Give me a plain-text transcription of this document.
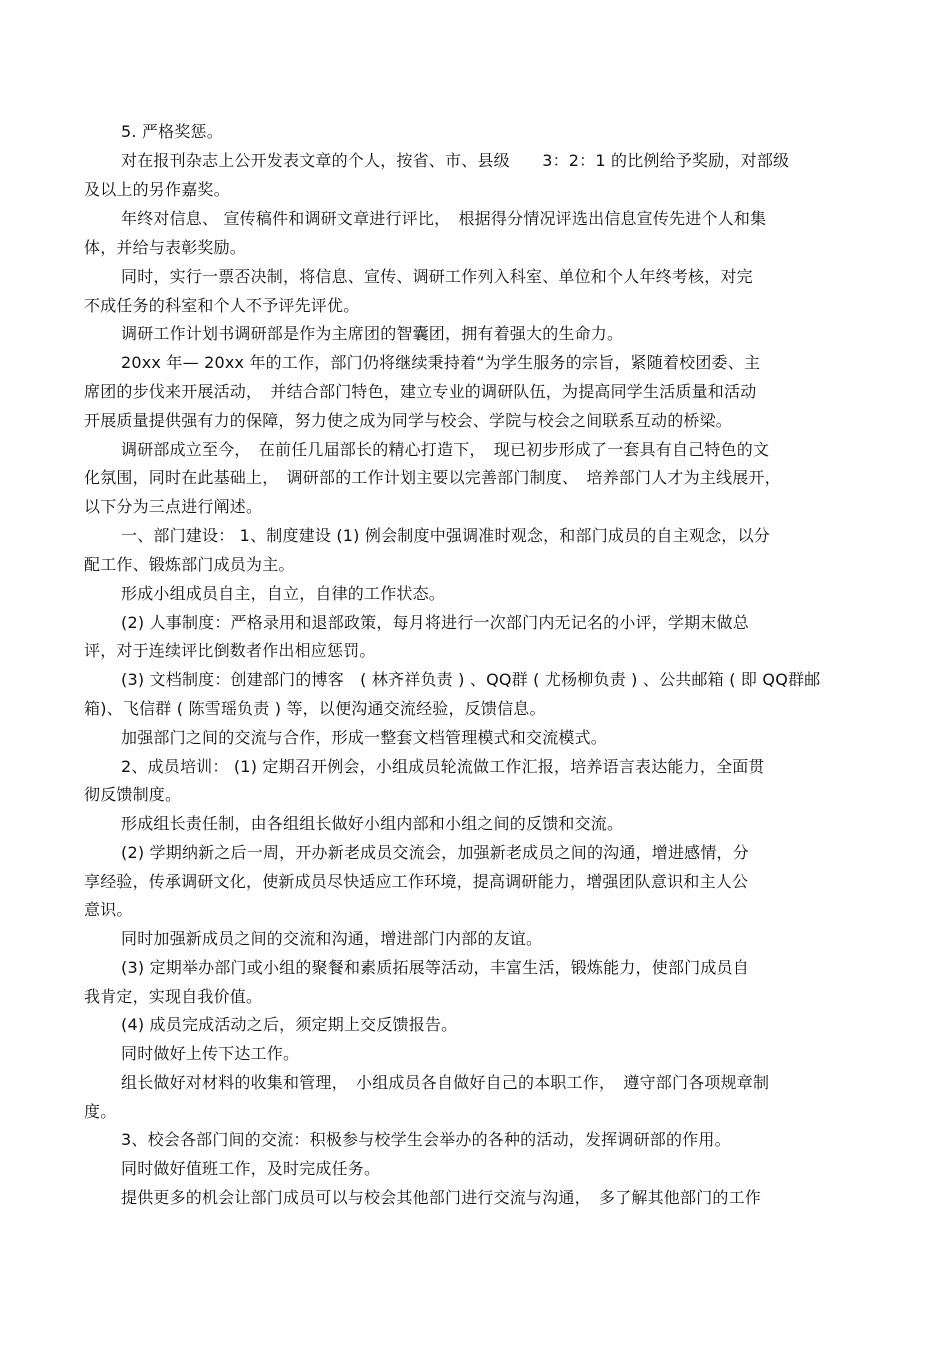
5. 严格奖惩。

对在报刊杂志上公开发表文章的个人，按省、市、县级　　3：2：1 的比例给予奖励，对部级

及以上的另作嘉奖。

年终对信息、 宣传稿件和调研文章进行评比，　根据得分情况评选出信息宣传先进个人和集

体，并给与表彰奖励。

同时，实行一票否决制，将信息、宣传、调研工作列入科室、单位和个人年终考核，对完

不成任务的科室和个人不予评先评优。

调研工作计划书调研部是作为主席团的智囊团，拥有着强大的生命力。

20xx 年— 20xx 年的工作，部门仍将继续秉持着“为学生服务的宗旨，紧随着校团委、主

席团的步伐来开展活动，　并结合部门特色，建立专业的调研队伍，为提高同学生活质量和活动

开展质量提供强有力的保障，努力使之成为同学与校会、学院与校会之间联系互动的桥梁。

调研部成立至今，　在前任几届部长的精心打造下，　现已初步形成了一套具有自己特色的文

化氛围，同时在此基础上，　调研部的工作计划主要以完善部门制度、　培养部门人才为主线展开，

以下分为三点进行阐述。

一、部门建设： 1、制度建设 (1) 例会制度中强调准时观念，和部门成员的自主观念，以分

配工作、锻炼部门成员为主。

形成小组成员自主，自立，自律的工作状态。

(2) 人事制度：严格录用和退部政策，每月将进行一次部门内无记名的小评，学期末做总

评，对于连续评比倒数者作出相应惩罚。

(3) 文档制度：创建部门的博客　( 林齐祥负责 ) 、QQ群 ( 尤杨柳负责 ) 、公共邮箱 ( 即 QQ群邮

箱)、飞信群 ( 陈雪瑶负责 ) 等，以便沟通交流经验，反馈信息。

加强部门之间的交流与合作，形成一整套文档管理模式和交流模式。

2、成员培训： (1) 定期召开例会，小组成员轮流做工作汇报，培养语言表达能力，全面贯

彻反馈制度。

形成组长责任制，由各组组长做好小组内部和小组之间的反馈和交流。

(2) 学期纳新之后一周，开办新老成员交流会，加强新老成员之间的沟通，增进感情，分

享经验，传承调研文化，使新成员尽快适应工作环境，提高调研能力，增强团队意识和主人公

意识。

同时加强新成员之间的交流和沟通，增进部门内部的友谊。

(3) 定期举办部门或小组的聚餐和素质拓展等活动，丰富生活，锻炼能力，使部门成员自

我肯定，实现自我价值。

(4) 成员完成活动之后，须定期上交反馈报告。

同时做好上传下达工作。

组长做好对材料的收集和管理，　小组成员各自做好自己的本职工作，　遵守部门各项规章制

度。

3、校会各部门间的交流：积极参与校学生会举办的各种的活动，发挥调研部的作用。

同时做好值班工作，及时完成任务。

提供更多的机会让部门成员可以与校会其他部门进行交流与沟通，　多了解其他部门的工作
